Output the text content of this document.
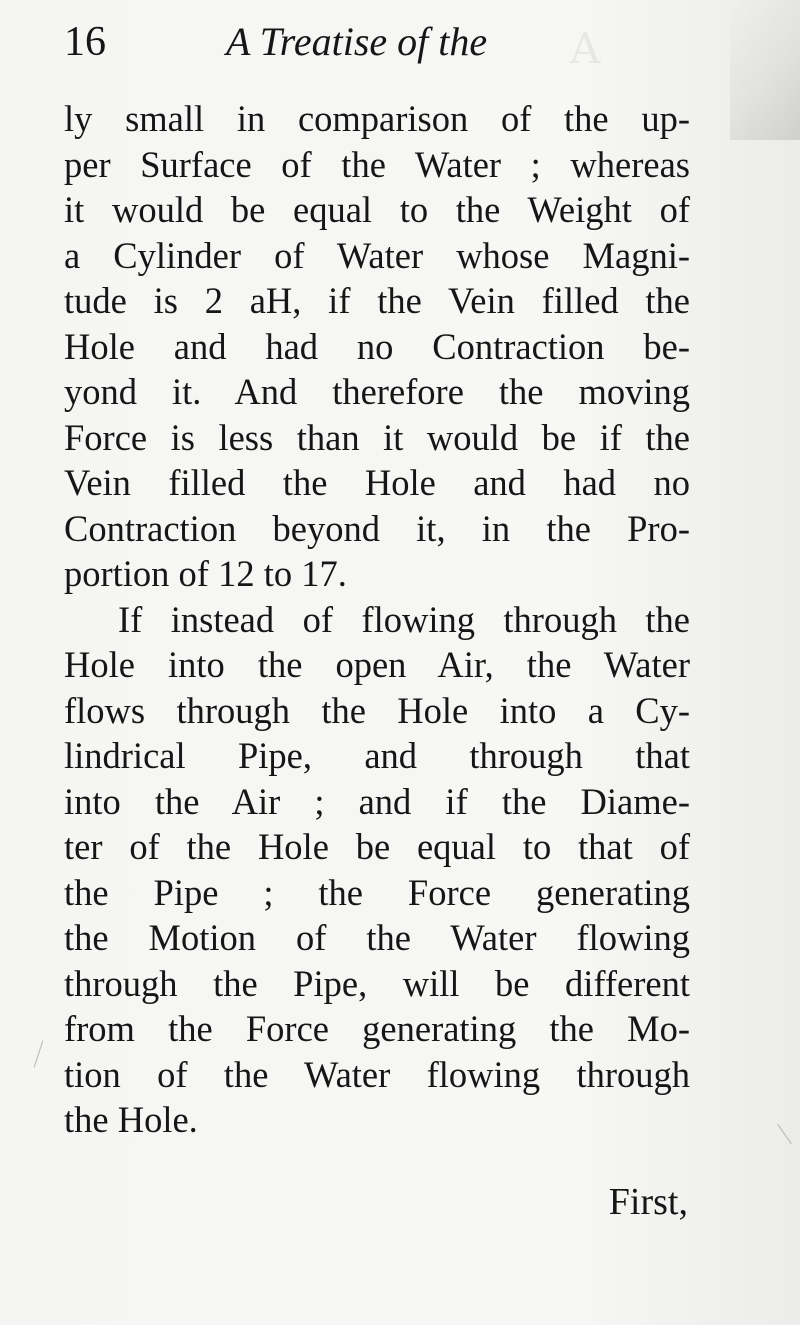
A
16	A Treatise of the
ly small in comparison of the up-
per Surface of the Water ; whereas
it would be equal to the Weight of
a Cylinder of Water whose Magni-
tude is 2 aH, if the Vein filled the
Hole and had no Contraction be-
yond it. And therefore the moving
Force is less than it would be if the
Vein filled the Hole and had no
Contraction beyond it, in the Pro-
portion of 12 to 17.
If instead of flowing through the
Hole into the open Air, the Water
flows through the Hole into a Cy-
lindrical Pipe, and through that
into the Air ; and if the Diame-
ter of the Hole be equal to that of
the Pipe ; the Force generating
the Motion of the Water flowing
through the Pipe, will be different
from the Force generating the Mo-
tion of the Water flowing through
the Hole.
First,
